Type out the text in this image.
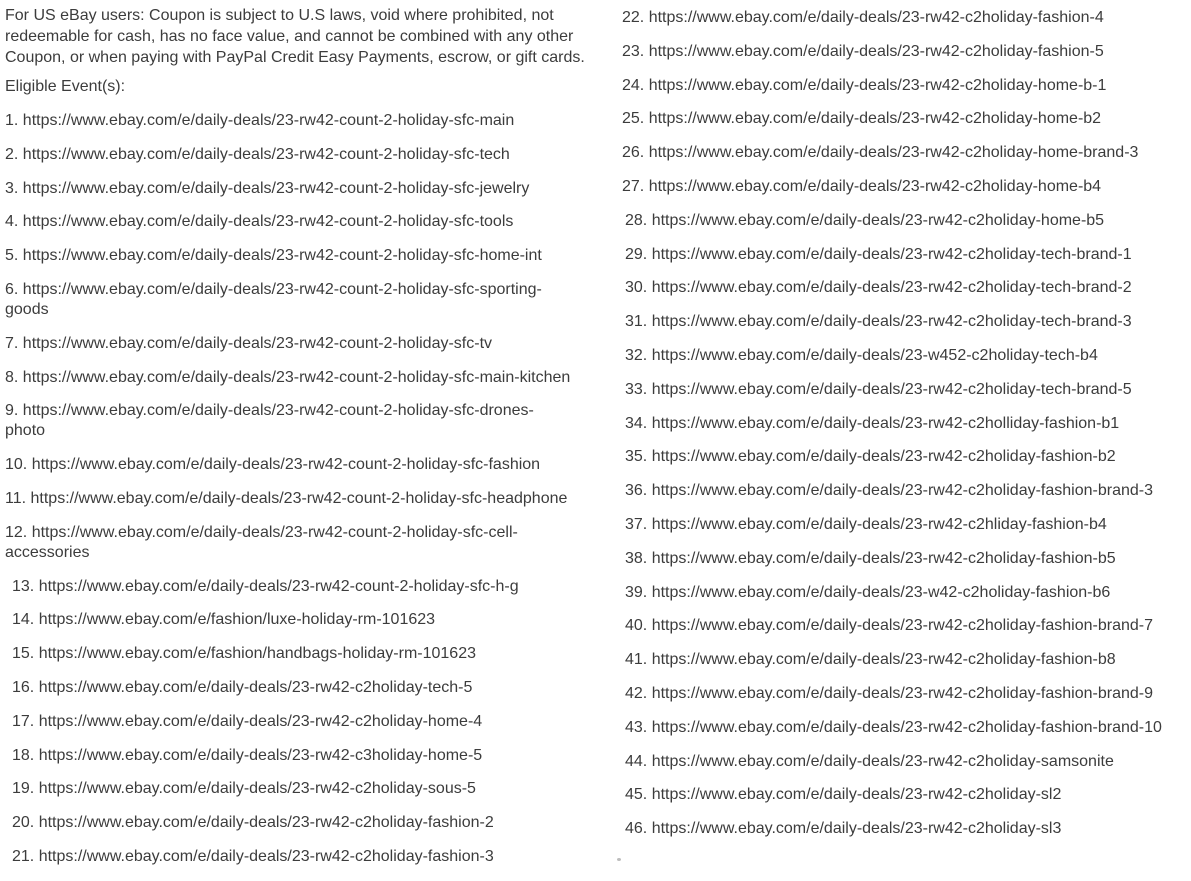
For US eBay users: Coupon is subject to U.S laws, void where prohibited, not redeemable for cash, has no face value, and cannot be combined with any other Coupon, or when paying with PayPal Credit Easy Payments, escrow, or gift cards.

Eligible Event(s):

1. https://www.ebay.com/e/daily-deals/23-rw42-count-2-holiday-sfc-main
2. https://www.ebay.com/e/daily-deals/23-rw42-count-2-holiday-sfc-tech
3. https://www.ebay.com/e/daily-deals/23-rw42-count-2-holiday-sfc-jewelry
4. https://www.ebay.com/e/daily-deals/23-rw42-count-2-holiday-sfc-tools
5. https://www.ebay.com/e/daily-deals/23-rw42-count-2-holiday-sfc-home-int
6. https://www.ebay.com/e/daily-deals/23-rw42-count-2-holiday-sfc-sporting-goods
7. https://www.ebay.com/e/daily-deals/23-rw42-count-2-holiday-sfc-tv
8. https://www.ebay.com/e/daily-deals/23-rw42-count-2-holiday-sfc-main-kitchen
9. https://www.ebay.com/e/daily-deals/23-rw42-count-2-holiday-sfc-drones-photo
10. https://www.ebay.com/e/daily-deals/23-rw42-count-2-holiday-sfc-fashion
11. https://www.ebay.com/e/daily-deals/23-rw42-count-2-holiday-sfc-headphone
12. https://www.ebay.com/e/daily-deals/23-rw42-count-2-holiday-sfc-cell-accessories
13. https://www.ebay.com/e/daily-deals/23-rw42-count-2-holiday-sfc-h-g
14. https://www.ebay.com/e/fashion/luxe-holiday-rm-101623
15. https://www.ebay.com/e/fashion/handbags-holiday-rm-101623
16. https://www.ebay.com/e/daily-deals/23-rw42-c2holiday-tech-5
17. https://www.ebay.com/e/daily-deals/23-rw42-c2holiday-home-4
18. https://www.ebay.com/e/daily-deals/23-rw42-c3holiday-home-5
19. https://www.ebay.com/e/daily-deals/23-rw42-c2holiday-sous-5
20. https://www.ebay.com/e/daily-deals/23-rw42-c2holiday-fashion-2
21. https://www.ebay.com/e/daily-deals/23-rw42-c2holiday-fashion-3
22. https://www.ebay.com/e/daily-deals/23-rw42-c2holiday-fashion-4
23. https://www.ebay.com/e/daily-deals/23-rw42-c2holiday-fashion-5
24. https://www.ebay.com/e/daily-deals/23-rw42-c2holiday-home-b-1
25. https://www.ebay.com/e/daily-deals/23-rw42-c2holiday-home-b2
26. https://www.ebay.com/e/daily-deals/23-rw42-c2holiday-home-brand-3
27. https://www.ebay.com/e/daily-deals/23-rw42-c2holiday-home-b4
28. https://www.ebay.com/e/daily-deals/23-rw42-c2holiday-home-b5
29. https://www.ebay.com/e/daily-deals/23-rw42-c2holiday-tech-brand-1
30. https://www.ebay.com/e/daily-deals/23-rw42-c2holiday-tech-brand-2
31. https://www.ebay.com/e/daily-deals/23-rw42-c2holiday-tech-brand-3
32. https://www.ebay.com/e/daily-deals/23-w452-c2holiday-tech-b4
33. https://www.ebay.com/e/daily-deals/23-rw42-c2holiday-tech-brand-5
34. https://www.ebay.com/e/daily-deals/23-rw42-c2holliday-fashion-b1
35. https://www.ebay.com/e/daily-deals/23-rw42-c2holiday-fashion-b2
36. https://www.ebay.com/e/daily-deals/23-rw42-c2holiday-fashion-brand-3
37. https://www.ebay.com/e/daily-deals/23-rw42-c2hliday-fashion-b4
38. https://www.ebay.com/e/daily-deals/23-rw42-c2holiday-fashion-b5
39. https://www.ebay.com/e/daily-deals/23-w42-c2holiday-fashion-b6
40. https://www.ebay.com/e/daily-deals/23-rw42-c2holiday-fashion-brand-7
41. https://www.ebay.com/e/daily-deals/23-rw42-c2holiday-fashion-b8
42. https://www.ebay.com/e/daily-deals/23-rw42-c2holiday-fashion-brand-9
43. https://www.ebay.com/e/daily-deals/23-rw42-c2holiday-fashion-brand-10
44. https://www.ebay.com/e/daily-deals/23-rw42-c2holiday-samsonite
45. https://www.ebay.com/e/daily-deals/23-rw42-c2holiday-sl2
46. https://www.ebay.com/e/daily-deals/23-rw42-c2holiday-sl3
